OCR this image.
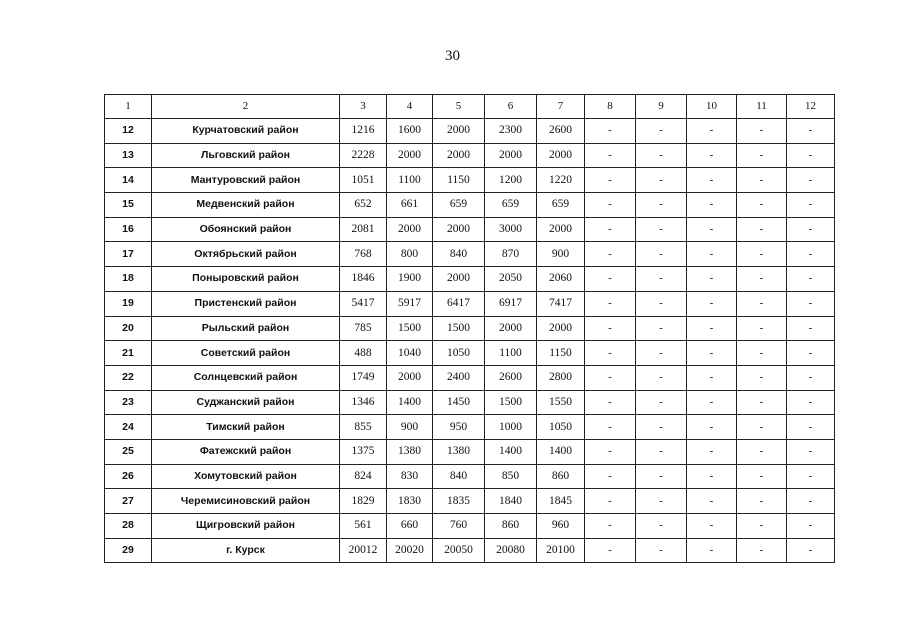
30
1	2	3	4	5	6	7	8	9	10	11	12
12	Курчатовский район	1216	1600	2000	2300	2600	-	-	-	-	-
13	Льговский район	2228	2000	2000	2000	2000	-	-	-	-	-
14	Мантуровский район	1051	1100	1150	1200	1220	-	-	-	-	-
15	Медвенский район	652	661	659	659	659	-	-	-	-	-
16	Обоянский район	2081	2000	2000	3000	2000	-	-	-	-	-
17	Октябрьский район	768	800	840	870	900	-	-	-	-	-
18	Поныровский район	1846	1900	2000	2050	2060	-	-	-	-	-
19	Пристенский район	5417	5917	6417	6917	7417	-	-	-	-	-
20	Рыльский район	785	1500	1500	2000	2000	-	-	-	-	-
21	Советский район	488	1040	1050	1100	1150	-	-	-	-	-
22	Солнцевский район	1749	2000	2400	2600	2800	-	-	-	-	-
23	Суджанский район	1346	1400	1450	1500	1550	-	-	-	-	-
24	Тимский район	855	900	950	1000	1050	-	-	-	-	-
25	Фатежский район	1375	1380	1380	1400	1400	-	-	-	-	-
26	Хомутовский район	824	830	840	850	860	-	-	-	-	-
27	Черемисиновский район	1829	1830	1835	1840	1845	-	-	-	-	-
28	Щигровский район	561	660	760	860	960	-	-	-	-	-
29	г. Курск	20012	20020	20050	20080	20100	-	-	-	-	-
